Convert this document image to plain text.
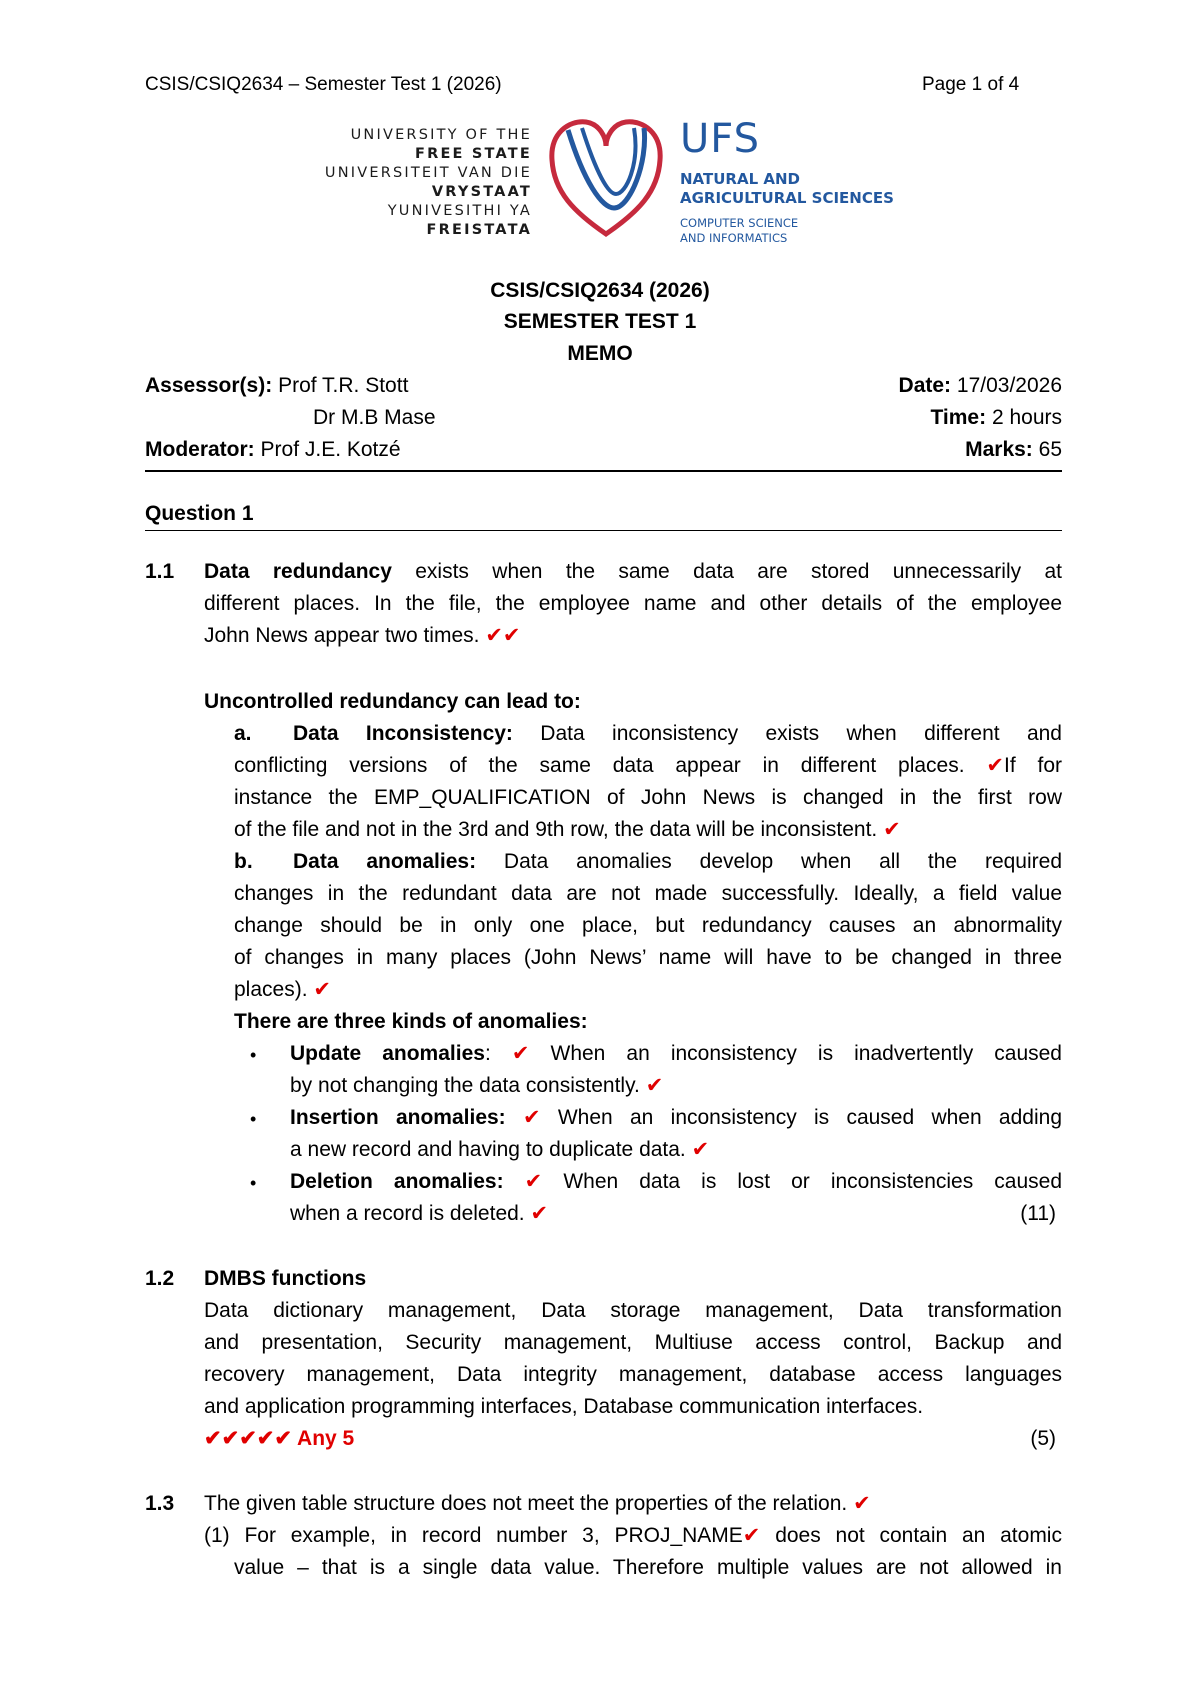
CSIS/CSIQ2634 – Semester Test 1 (2026)	Page 1 of 4
UNIVERSITY OF THE
FREE STATE
UNIVERSITEIT VAN DIE
VRYSTAAT
YUNIVESITHI YA
FREISTATA
UFS
NATURAL AND
AGRICULTURAL SCIENCES
COMPUTER SCIENCE
AND INFORMATICS
CSIS/CSIQ2634 (2026)
SEMESTER TEST 1
MEMO
Assessor(s): Prof T.R. Stott
Dr M.B Mase
Moderator: Prof J.E. Kotzé
Date: 17/03/2026
Time: 2 hours
Marks: 65
Question 1
1.1 Data redundancy exists when the same data are stored unnecessarily at
different places. In the file, the employee name and other details of the employee
John News appear two times. ✔✔
Uncontrolled redundancy can lead to:
a. Data Inconsistency: Data inconsistency exists when different and
conflicting versions of the same data appear in different places. ✔If for
instance the EMP_QUALIFICATION of John News is changed in the first row
of the file and not in the 3rd and 9th row, the data will be inconsistent. ✔
b. Data anomalies: Data anomalies develop when all the required
changes in the redundant data are not made successfully. Ideally, a field value
change should be in only one place, but redundancy causes an abnormality
of changes in many places (John News’ name will have to be changed in three
places). ✔
There are three kinds of anomalies:
• Update anomalies: ✔ When an inconsistency is inadvertently caused
by not changing the data consistently. ✔
• Insertion anomalies: ✔ When an inconsistency is caused when adding
a new record and having to duplicate data. ✔
• Deletion anomalies: ✔ When data is lost or inconsistencies caused
when a record is deleted. ✔	(11)
1.2 DMBS functions
Data dictionary management, Data storage management, Data transformation
and presentation, Security management, Multiuse access control, Backup and
recovery management, Data integrity management, database access languages
and application programming interfaces, Database communication interfaces.
✔✔✔✔✔ Any 5	(5)
1.3 The given table structure does not meet the properties of the relation. ✔
(1) For example, in record number 3, PROJ_NAME✔ does not contain an atomic
value – that is a single data value. Therefore multiple values are not allowed in
